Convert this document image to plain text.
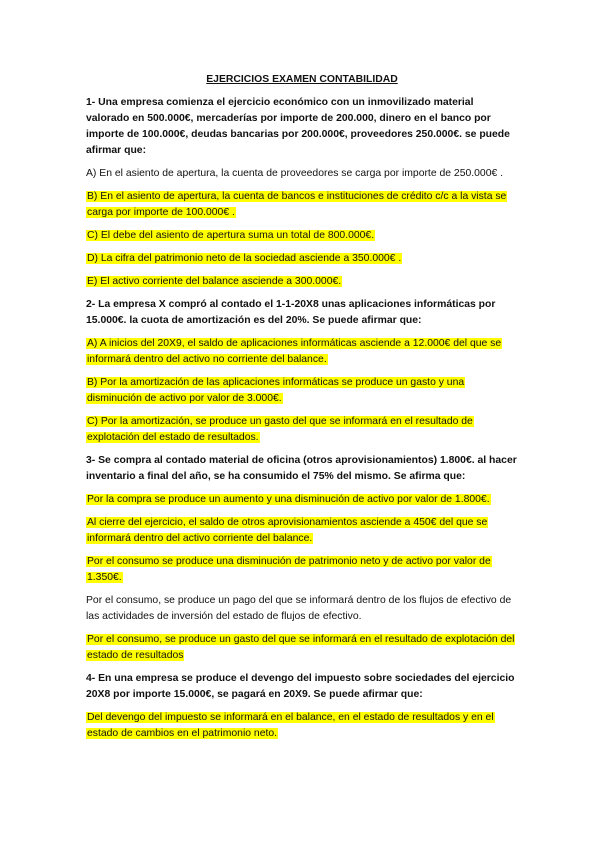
EJERCICIOS EXAMEN CONTABILIDAD
1- Una empresa comienza el ejercicio económico con un inmovilizado material valorado en 500.000€, mercaderías por importe de 200.000, dinero en el banco por importe de 100.000€, deudas bancarias por 200.000€, proveedores 250.000€. se puede afirmar que:
A) En el asiento de apertura, la cuenta de proveedores se carga por importe de 250.000€ .
B) En el asiento de apertura, la cuenta de bancos e instituciones de crédito c/c a la vista se carga por importe de 100.000€ .
C) El debe del asiento de apertura suma un total de 800.000€.
D) La cifra del patrimonio neto de la sociedad asciende a 350.000€ .
E) El activo corriente del balance asciende a 300.000€.
2- La empresa X compró al contado el 1-1-20X8 unas aplicaciones informáticas por 15.000€. la cuota de amortización es del 20%. Se puede afirmar que:
A) A inicios del 20X9, el saldo de aplicaciones informáticas asciende a 12.000€ del que se informará dentro del activo no corriente del balance.
B) Por la amortización de las aplicaciones informáticas se produce un gasto y una disminución de activo por valor de 3.000€.
C) Por la amortización, se produce un gasto del que se informará en el resultado de explotación del estado de resultados.
3- Se compra al contado material de oficina (otros aprovisionamientos) 1.800€. al hacer inventario a final del año, se ha consumido el 75% del mismo. Se afirma que:
Por la compra se produce un aumento y una disminución de activo por valor de 1.800€.
Al cierre del ejercicio, el saldo de otros aprovisionamientos asciende a 450€ del que se informará dentro del activo corriente del balance.
Por el consumo se produce una disminución de patrimonio neto y de activo por valor de 1.350€.
Por el consumo, se produce un pago del que se informará dentro de los flujos de efectivo de las actividades de inversión del estado de flujos de efectivo.
Por el consumo, se produce un gasto del que se informará en el resultado de explotación del estado de resultados
4- En una empresa se produce el devengo del impuesto sobre sociedades del ejercicio 20X8 por importe 15.000€, se pagará en 20X9. Se puede afirmar que:
Del devengo del impuesto se informará en el balance, en el estado de resultados y en el estado de cambios en el patrimonio neto.
